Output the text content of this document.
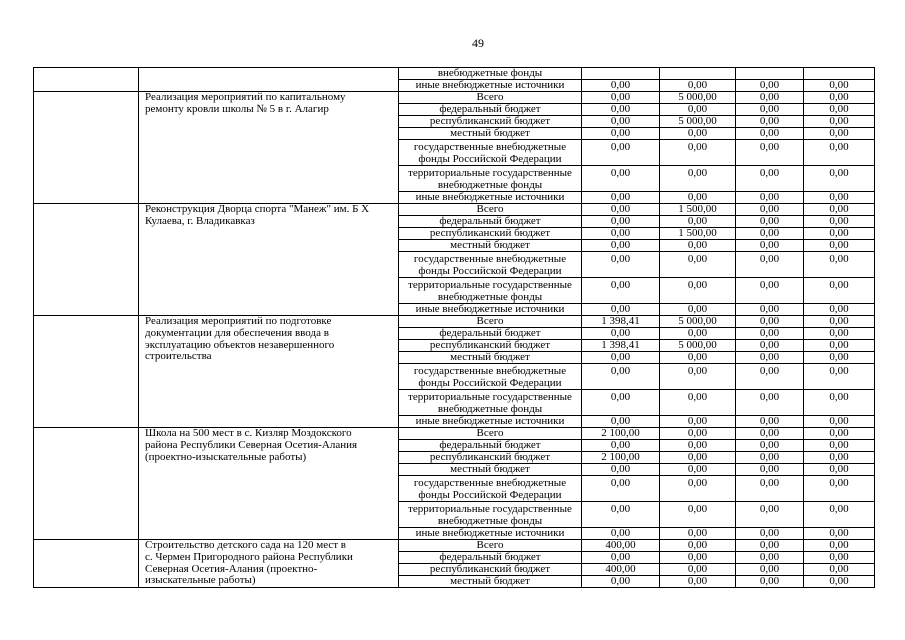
49

		внебюджетные фонды				

		иные внебюджетные источники	0,00	0,00	0,00	0,00

	Реализация мероприятий по капитальному
ремонту кровли школы № 5 в г. Алагир	Всего	0,00	5 000,00	0,00	0,00

		федеральный бюджет	0,00	0,00	0,00	0,00

		республиканский бюджет	0,00	5 000,00	0,00	0,00

		местный бюджет	0,00	0,00	0,00	0,00

		государственные внебюджетные
фонды Российской Федерации	0,00	0,00	0,00	0,00

		территориальные государственные
внебюджетные фонды	0,00	0,00	0,00	0,00

		иные внебюджетные источники	0,00	0,00	0,00	0,00

	Реконструкция Дворца спорта "Манеж" им. Б Х
Кулаева, г. Владикавказ	Всего	0,00	1 500,00	0,00	0,00

		федеральный бюджет	0,00	0,00	0,00	0,00

		республиканский бюджет	0,00	1 500,00	0,00	0,00

		местный бюджет	0,00	0,00	0,00	0,00

		государственные внебюджетные
фонды Российской Федерации	0,00	0,00	0,00	0,00

		территориальные государственные
внебюджетные фонды	0,00	0,00	0,00	0,00

		иные внебюджетные источники	0,00	0,00	0,00	0,00

	Реализация мероприятий по подготовке
документации для обеспечения ввода в
эксплуатацию объектов незавершенного
строительства	Всего	1 398,41	5 000,00	0,00	0,00

		федеральный бюджет	0,00	0,00	0,00	0,00

		республиканский бюджет	1 398,41	5 000,00	0,00	0,00

		местный бюджет	0,00	0,00	0,00	0,00

		государственные внебюджетные
фонды Российской Федерации	0,00	0,00	0,00	0,00

		территориальные государственные
внебюджетные фонды	0,00	0,00	0,00	0,00

		иные внебюджетные источники	0,00	0,00	0,00	0,00

	Школа на 500 мест в с. Кизляр Моздокского
района Республики Северная Осетия-Алания
(проектно-изыскательные работы)	Всего	2 100,00	0,00	0,00	0,00

		федеральный бюджет	0,00	0,00	0,00	0,00

		республиканский бюджет	2 100,00	0,00	0,00	0,00

		местный бюджет	0,00	0,00	0,00	0,00

		государственные внебюджетные
фонды Российской Федерации	0,00	0,00	0,00	0,00

		территориальные государственные
внебюджетные фонды	0,00	0,00	0,00	0,00

		иные внебюджетные источники	0,00	0,00	0,00	0,00

	Строительство детского сада на 120 мест в
с. Чермен Пригородного района Республики
Северная Осетия-Алания (проектно-
изыскательные работы)	Всего	400,00	0,00	0,00	0,00

		федеральный бюджет	0,00	0,00	0,00	0,00

		республиканский бюджет	400,00	0,00	0,00	0,00

		местный бюджет	0,00	0,00	0,00	0,00
